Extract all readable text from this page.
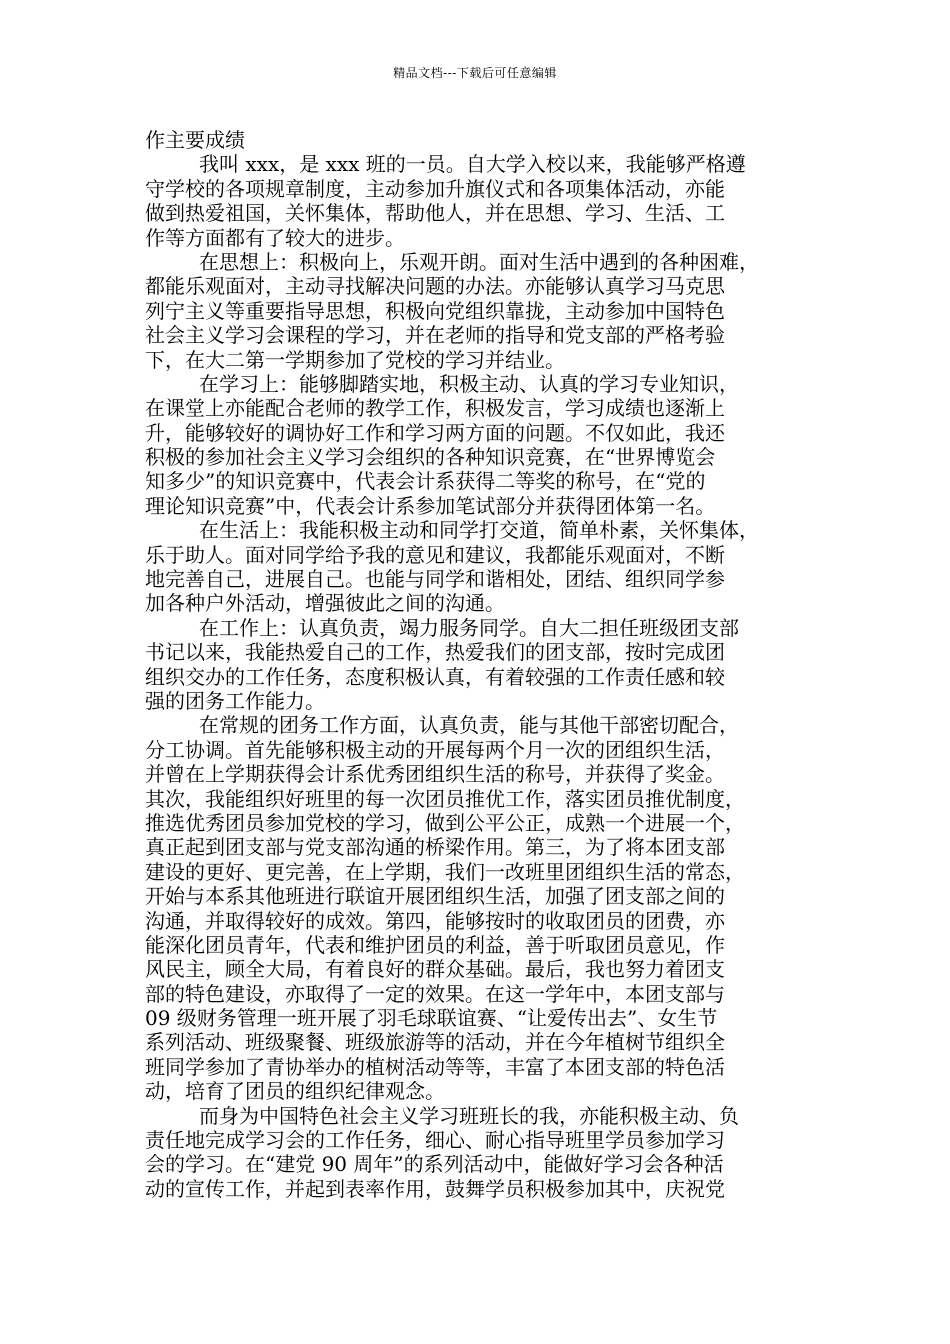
精品文档---下载后可任意编辑
作主要成绩
我叫 xxx，是 xxx 班的一员。自大学入校以来，我能够严格遵
守学校的各项规章制度，主动参加升旗仪式和各项集体活动，亦能
做到热爱祖国，关怀集体，帮助他人，并在思想、学习、生活、工
作等方面都有了较大的进步。
在思想上：积极向上，乐观开朗。面对生活中遇到的各种困难，
都能乐观面对，主动寻找解决问题的办法。亦能够认真学习马克思
列宁主义等重要指导思想，积极向党组织靠拢，主动参加中国特色
社会主义学习会课程的学习，并在老师的指导和党支部的严格考验
下，在大二第一学期参加了党校的学习并结业。
在学习上：能够脚踏实地，积极主动、认真的学习专业知识，
在课堂上亦能配合老师的教学工作，积极发言，学习成绩也逐渐上
升，能够较好的调协好工作和学习两方面的问题。不仅如此，我还
积极的参加社会主义学习会组织的各种知识竞赛，在“世界博览会
知多少”的知识竞赛中，代表会计系获得二等奖的称号，在“党的
理论知识竞赛”中，代表会计系参加笔试部分并获得团体第一名。
在生活上：我能积极主动和同学打交道，简单朴素，关怀集体，
乐于助人。面对同学给予我的意见和建议，我都能乐观面对，不断
地完善自己，进展自己。也能与同学和谐相处，团结、组织同学参
加各种户外活动，增强彼此之间的沟通。
在工作上：认真负责，竭力服务同学。自大二担任班级团支部
书记以来，我能热爱自己的工作，热爱我们的团支部，按时完成团
组织交办的工作任务，态度积极认真，有着较强的工作责任感和较
强的团务工作能力。
在常规的团务工作方面，认真负责，能与其他干部密切配合，
分工协调。首先能够积极主动的开展每两个月一次的团组织生活，
并曾在上学期获得会计系优秀团组织生活的称号，并获得了奖金。
其次，我能组织好班里的每一次团员推优工作，落实团员推优制度，
推选优秀团员参加党校的学习，做到公平公正，成熟一个进展一个，
真正起到团支部与党支部沟通的桥梁作用。第三，为了将本团支部
建设的更好、更完善，在上学期，我们一改班里团组织生活的常态，
开始与本系其他班进行联谊开展团组织生活，加强了团支部之间的
沟通，并取得较好的成效。第四，能够按时的收取团员的团费，亦
能深化团员青年，代表和维护团员的利益，善于听取团员意见，作
风民主，顾全大局，有着良好的群众基础。最后，我也努力着团支
部的特色建设，亦取得了一定的效果。在这一学年中，本团支部与
09 级财务管理一班开展了羽毛球联谊赛、“让爱传出去”、女生节
系列活动、班级聚餐、班级旅游等的活动，并在今年植树节组织全
班同学参加了青协举办的植树活动等等，丰富了本团支部的特色活
动，培育了团员的组织纪律观念。
而身为中国特色社会主义学习班班长的我，亦能积极主动、负
责任地完成学习会的工作任务，细心、耐心指导班里学员参加学习
会的学习。在“建党 90 周年”的系列活动中，能做好学习会各种活
动的宣传工作，并起到表率作用，鼓舞学员积极参加其中，庆祝党
